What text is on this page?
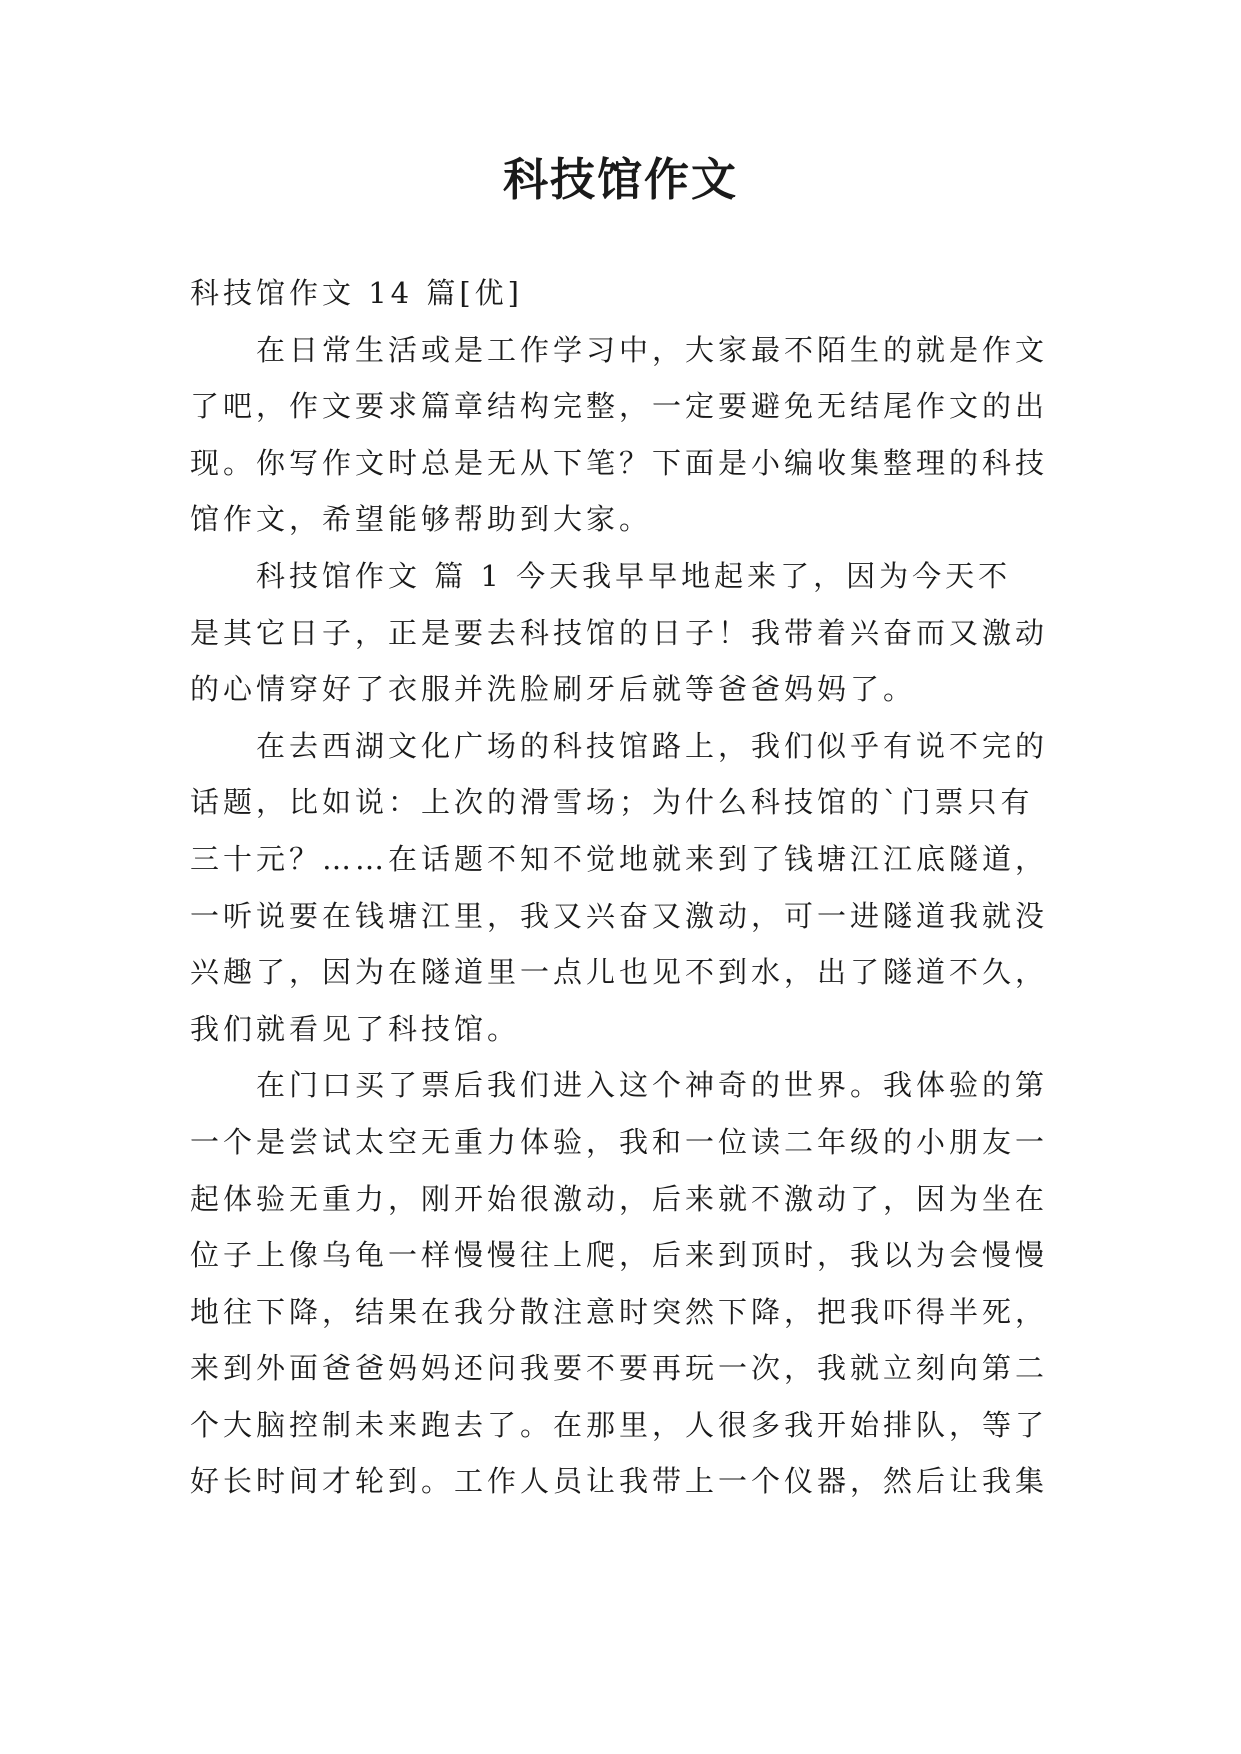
科技馆作文

科技馆作文 14 篇[优]

在日常生活或是工作学习中，大家最不陌生的就是作文

了吧，作文要求篇章结构完整，一定要避免无结尾作文的出

现。你写作文时总是无从下笔？下面是小编收集整理的科技

馆作文，希望能够帮助到大家。

科技馆作文 篇 1 今天我早早地起来了，因为今天不

是其它日子，正是要去科技馆的日子！我带着兴奋而又激动

的心情穿好了衣服并洗脸刷牙后就等爸爸妈妈了。

在去西湖文化广场的科技馆路上，我们似乎有说不完的

话题，比如说：上次的滑雪场；为什么科技馆的`门票只有

三十元？……在话题不知不觉地就来到了钱塘江江底隧道，

一听说要在钱塘江里，我又兴奋又激动，可一进隧道我就没

兴趣了，因为在隧道里一点儿也见不到水，出了隧道不久，

我们就看见了科技馆。

在门口买了票后我们进入这个神奇的世界。我体验的第

一个是尝试太空无重力体验，我和一位读二年级的小朋友一

起体验无重力，刚开始很激动，后来就不激动了，因为坐在

位子上像乌龟一样慢慢往上爬，后来到顶时，我以为会慢慢

地往下降，结果在我分散注意时突然下降，把我吓得半死，

来到外面爸爸妈妈还问我要不要再玩一次，我就立刻向第二

个大脑控制未来跑去了。在那里，人很多我开始排队，等了

好长时间才轮到。工作人员让我带上一个仪器，然后让我集
